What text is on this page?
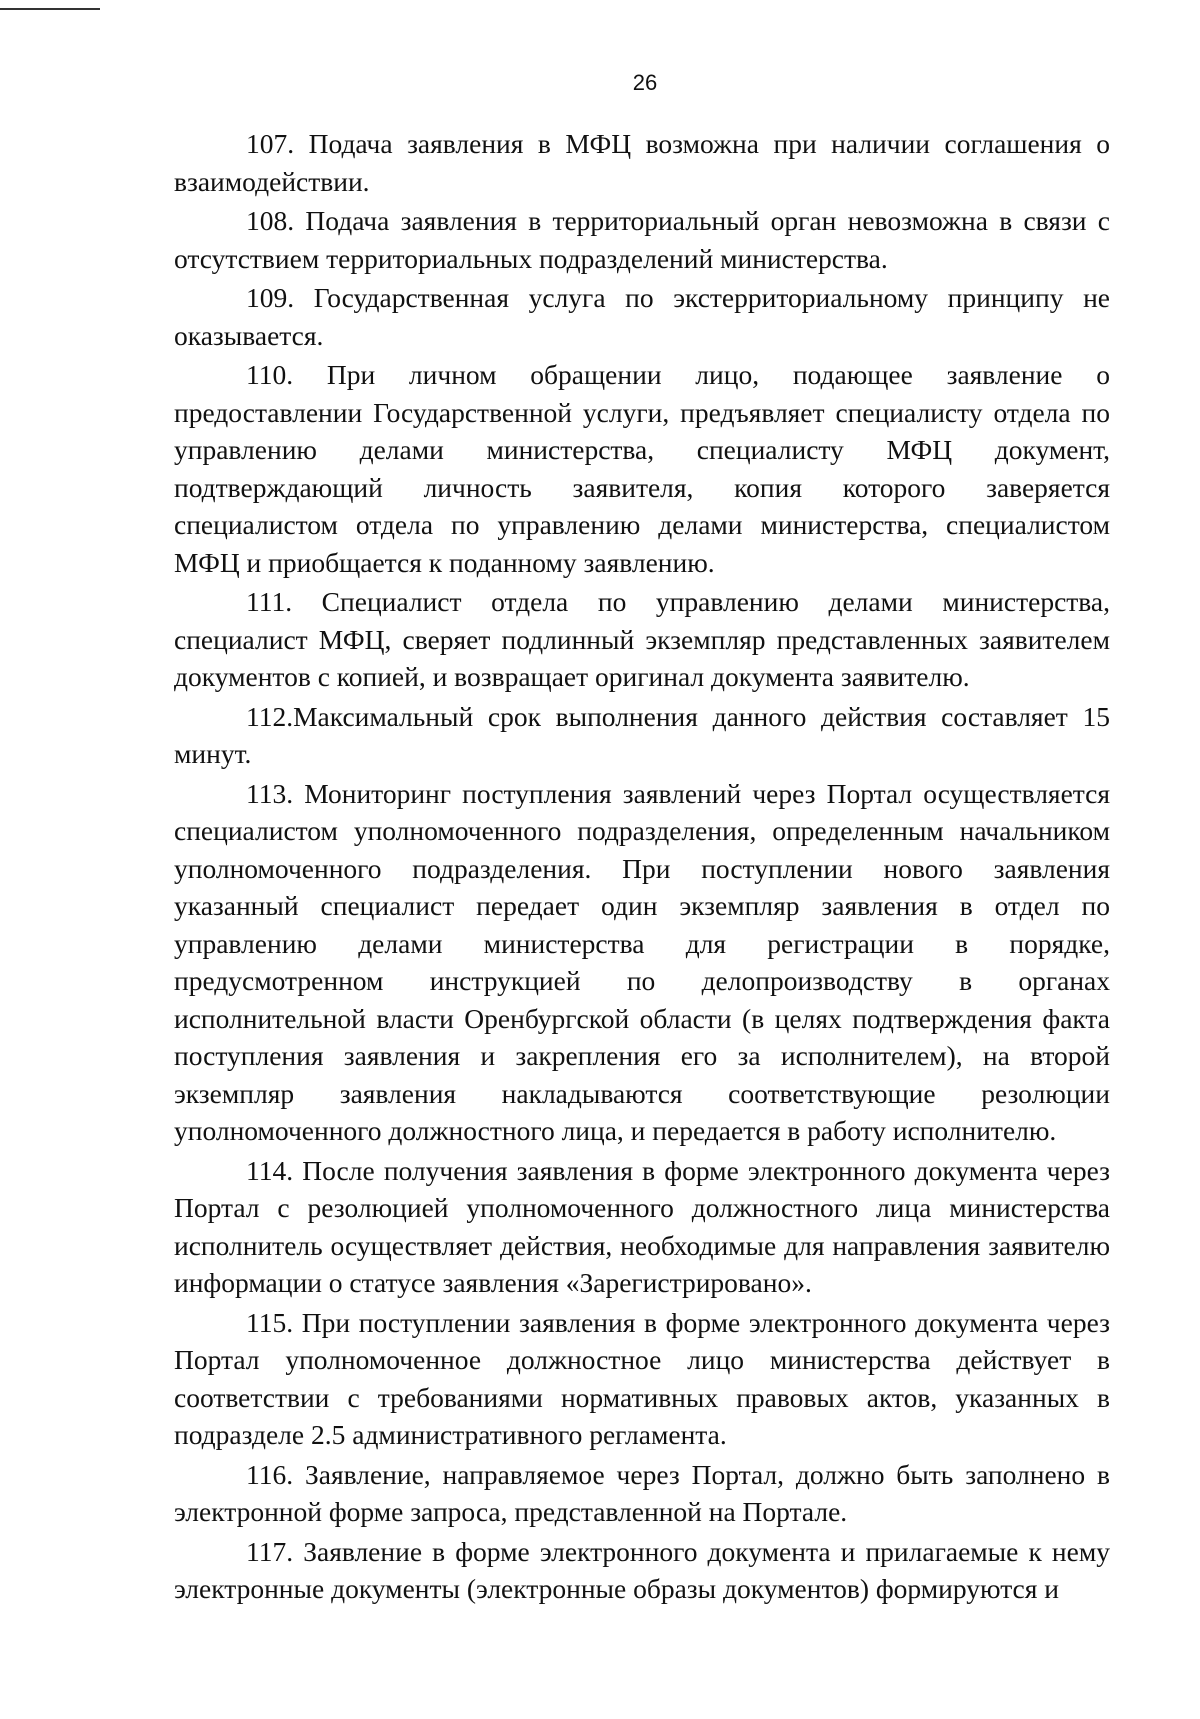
26

107. Подача заявления в МФЦ возможна при наличии соглашения о взаимодействии.

108. Подача заявления в территориальный орган невозможна в связи с отсутствием территориальных подразделений министерства.

109. Государственная услуга по экстерриториальному принципу не оказывается.

110. При личном обращении лицо, подающее заявление о предоставлении Государственной услуги, предъявляет специалисту отдела по управлению делами министерства, специалисту МФЦ документ, подтверждающий личность заявителя, копия которого заверяется специалистом отдела по управлению делами министерства, специалистом МФЦ и приобщается к поданному заявлению.

111. Специалист отдела по управлению делами министерства, специалист МФЦ, сверяет подлинный экземпляр представленных заявителем документов с копией, и возвращает оригинал документа заявителю.

112.Максимальный срок выполнения данного действия составляет 15 минут.

113. Мониторинг поступления заявлений через Портал осуществляется специалистом уполномоченного подразделения, определенным начальником уполномоченного подразделения. При поступлении нового заявления указанный специалист передает один экземпляр заявления в отдел по управлению делами министерства для регистрации в порядке, предусмотренном инструкцией по делопроизводству в органах исполнительной власти Оренбургской области (в целях подтверждения факта поступления заявления и закрепления его за исполнителем), на второй экземпляр заявления накладываются соответствующие резолюции уполномоченного должностного лица, и передается в работу исполнителю.

114. После получения заявления в форме электронного документа через Портал с резолюцией уполномоченного должностного лица министерства исполнитель осуществляет действия, необходимые для направления заявителю информации о статусе заявления «Зарегистрировано».

115. При поступлении заявления в форме электронного документа через Портал уполномоченное должностное лицо министерства действует в соответствии с требованиями нормативных правовых актов, указанных в подразделе 2.5 административного регламента.

116. Заявление, направляемое через Портал, должно быть заполнено в электронной форме запроса, представленной на Портале.

117. Заявление в форме электронного документа и прилагаемые к нему электронные документы (электронные образы документов) формируются и
